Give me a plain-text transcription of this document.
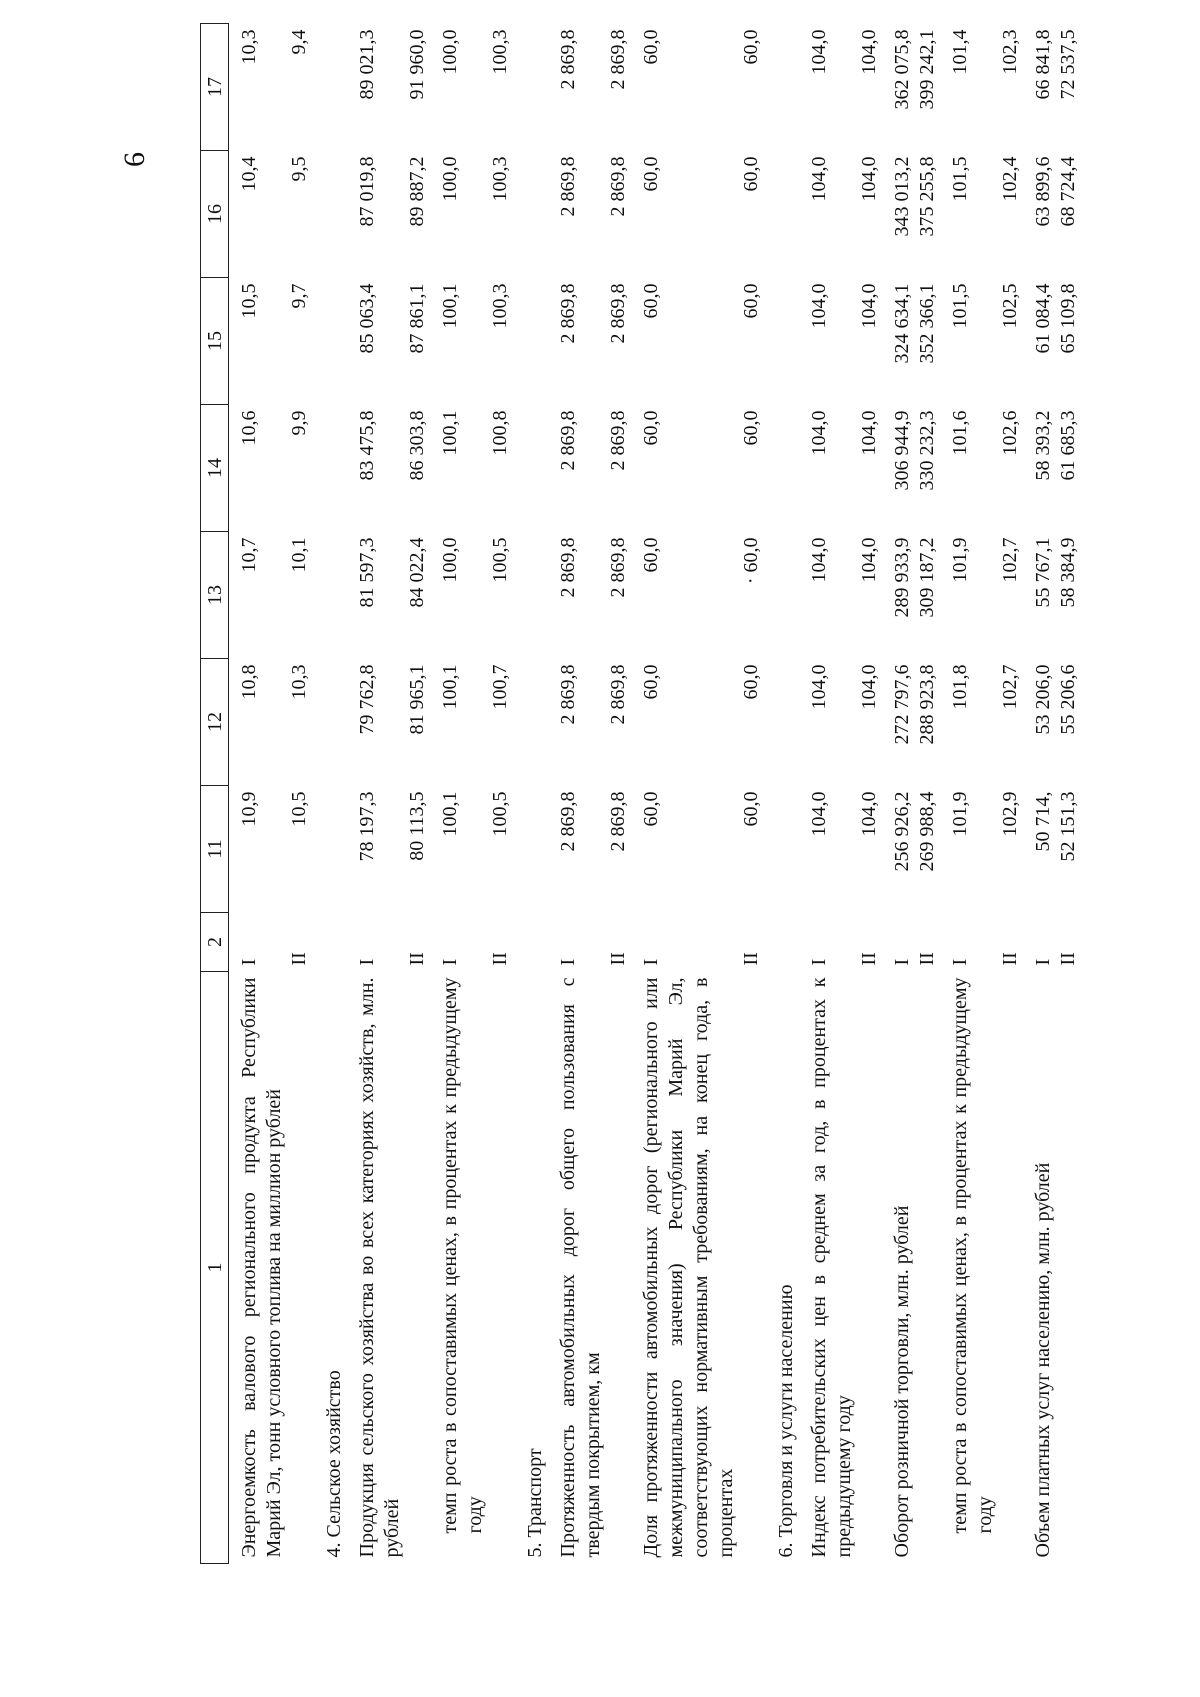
6
1	2	11	12	13	14	15	16	17
Энергоемкость валового регионального продукта Республики Марий Эл, тонн условного топлива на миллион рублей	I	10,9	10,8	10,7	10,6	10,5	10,4	10,3
	II	10,5	10,3	10,1	9,9	9,7	9,5	9,4
4. Сельское хозяйство								
Продукция сельского хозяйства во всех категориях хозяйств, млн. рублей	I	78 197,3	79 762,8	81 597,3	83 475,8	85 063,4	87 019,8	89 021,3
	II	80 113,5	81 965,1	84 022,4	86 303,8	87 861,1	89 887,2	91 960,0
темп роста в сопоставимых ценах, в процентах к предыдущему году	I	100,1	100,1	100,0	100,1	100,1	100,0	100,0
	II	100,5	100,7	100,5	100,8	100,3	100,3	100,3
5. Транспорт								
Протяженность автомобильных дорог общего пользования с твердым покрытием, км	I	2 869,8	2 869,8	2 869,8	2 869,8	2 869,8	2 869,8	2 869,8
	II	2 869,8	2 869,8	2 869,8	2 869,8	2 869,8	2 869,8	2 869,8
Доля протяженности автомобильных дорог (регионального или межмуниципального значения) Республики Марий Эл, соответствующих нормативным требованиям, на конец года, в процентах	I	60,0	60,0	60,0	60,0	60,0	60,0	60,0
	II	60,0	60,0	· 60,0	60,0	60,0	60,0	60,0
6. Торговля и услуги населению								
Индекс потребительских цен в среднем за год, в процентах к предыдущему году	I	104,0	104,0	104,0	104,0	104,0	104,0	104,0
	II	104,0	104,0	104,0	104,0	104,0	104,0	104,0
Оборот розничной торговли, млн. рублей	I	256 926,2	272 797,6	289 933,9	306 944,9	324 634,1	343 013,2	362 075,8
	II	269 988,4	288 923,8	309 187,2	330 232,3	352 366,1	375 255,8	399 242,1
темп роста в сопоставимых ценах, в процентах к предыдущему году	I	101,9	101,8	101,9	101,6	101,5	101,5	101,4
	II	102,9	102,7	102,7	102,6	102,5	102,4	102,3
Объем платных услуг населению, млн. рублей	I	50 714,	53 206,0	55 767,1	58 393,2	61 084,4	63 899,6	66 841,8
	II	52 151,3	55 206,6	58 384,9	61 685,3	65 109,8	68 724,4	72 537,5
